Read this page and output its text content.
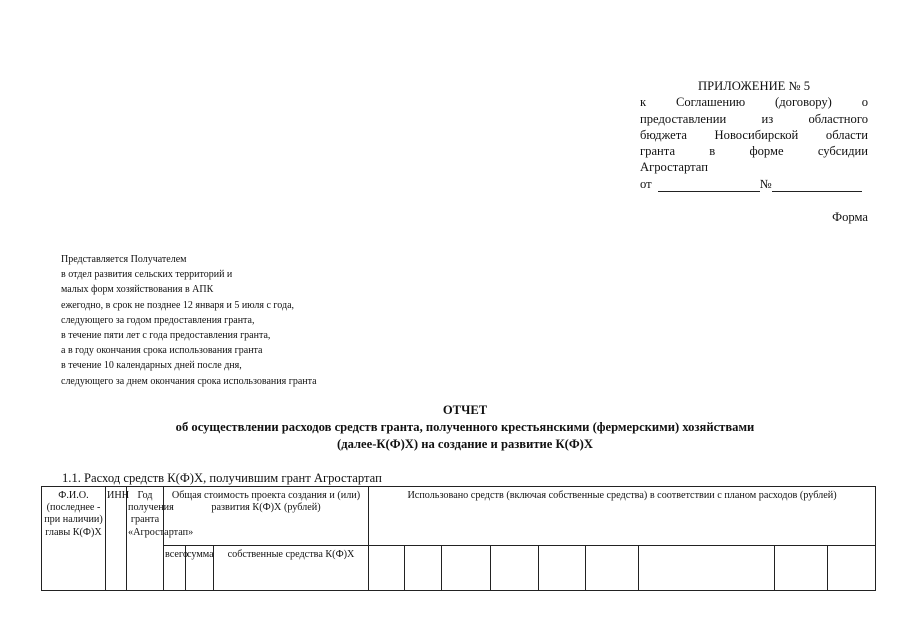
ПРИЛОЖЕНИЕ № 5
к Соглашению (договору) о
предоставлении из областного
бюджета Новосибирской области
гранта в форме субсидии
Агростартап
от	№
Форма
Представляется Получателем
в отдел развития сельских территорий и
малых форм хозяйствования в АПК
ежегодно, в срок не позднее 12 января и 5 июля с года,
следующего за годом предоставления гранта,
в течение пяти лет с года предоставления гранта,
а в году окончания срока использования гранта
в течение 10 календарных дней после дня,
следующего за днем окончания срока использования гранта
ОТЧЕТ
об осуществлении расходов средств гранта, полученного крестьянскими (фермерскими) хозяйствами
(далее-К(Ф)Х) на создание и развитие К(Ф)Х
1.1. Расход средств К(Ф)Х, получившим грант Агростартап
Ф.И.О. (последнее - при наличии) главы К(Ф)Х	ИНН	Год получения гранта «Агростартап»	Общая стоимость проекта создания и (или) развития К(Ф)Х (рублей)			Использовано средств (включая собственные средства) в соответствии с планом расходов (рублей)								
			всего	сумма	собственные средства К(Ф)Х									
